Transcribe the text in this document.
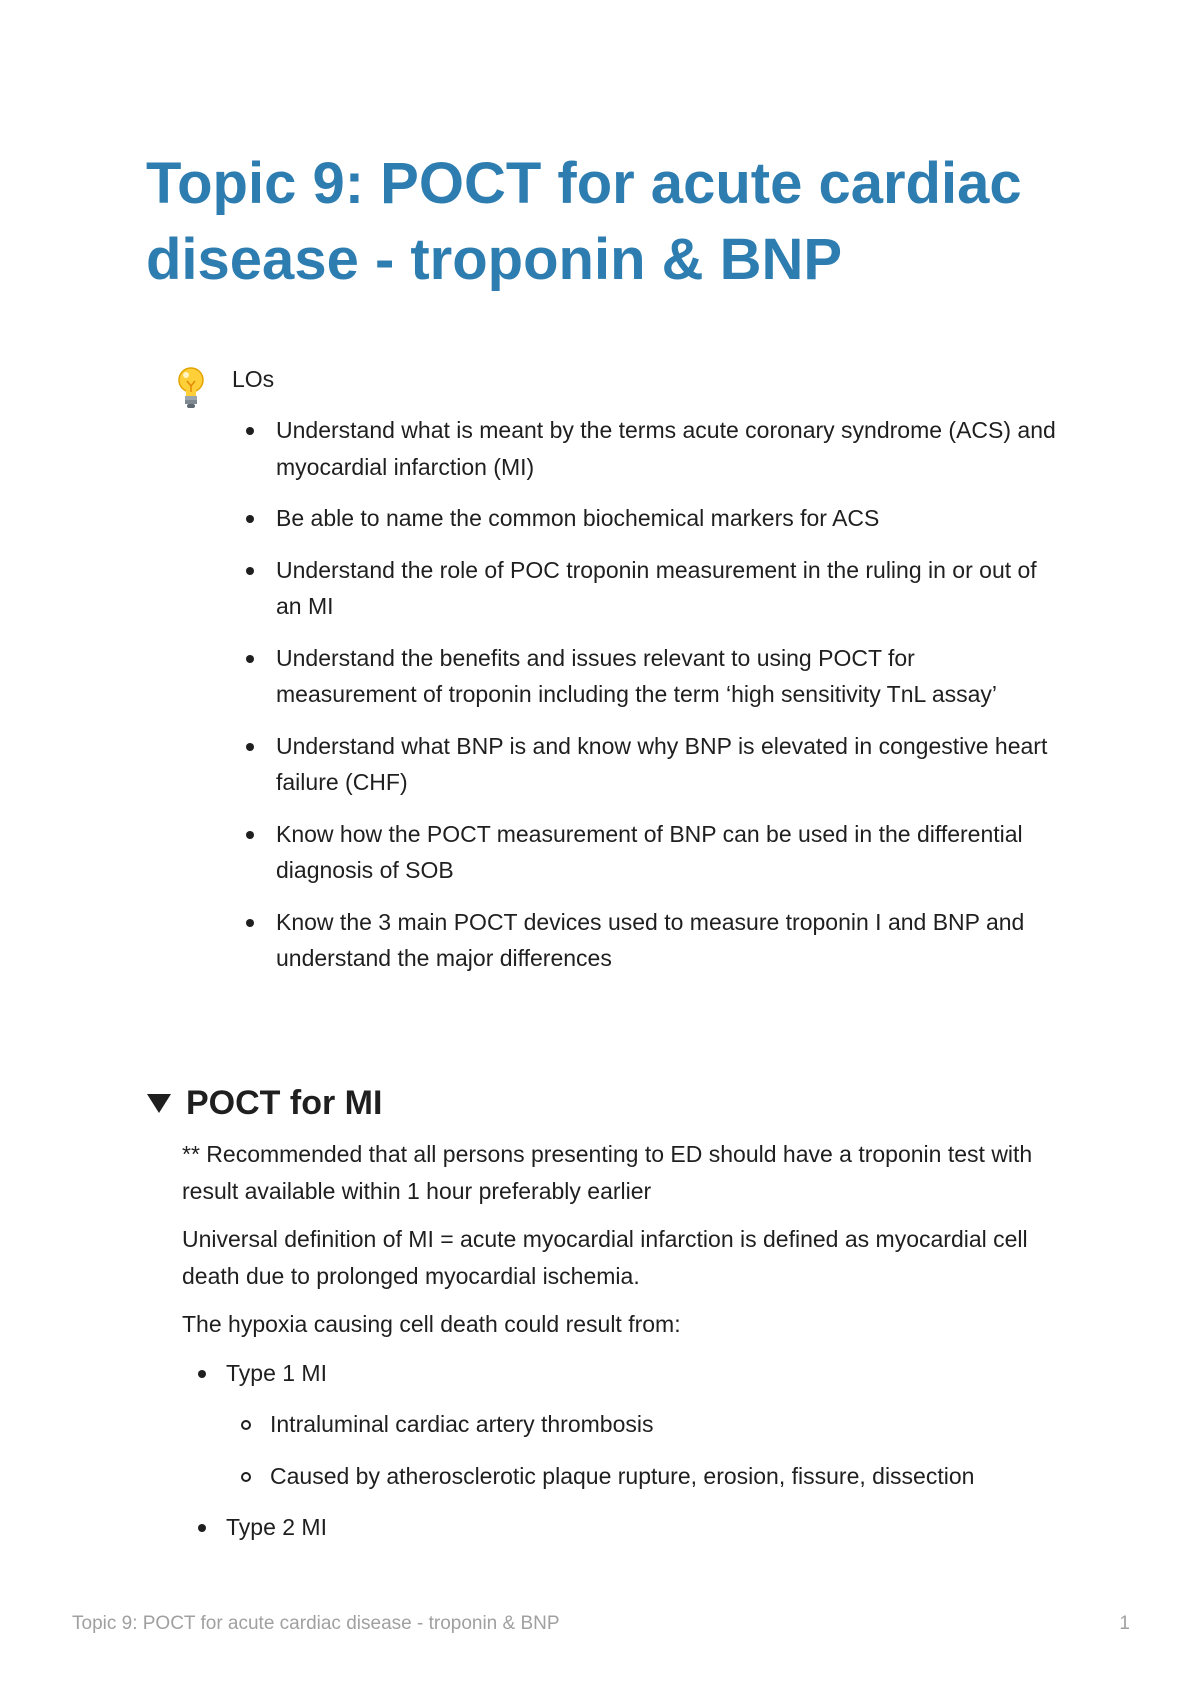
Topic 9: POCT for acute cardiac disease - troponin & BNP
LOs
Understand what is meant by the terms acute coronary syndrome (ACS) and myocardial infarction (MI)
Be able to name the common biochemical markers for ACS
Understand the role of POC troponin measurement in the ruling in or out of an MI
Understand the benefits and issues relevant to using POCT for measurement of troponin including the term ‘high sensitivity TnL assay’
Understand what BNP is and know why BNP is elevated in congestive heart failure (CHF)
Know how the POCT measurement of BNP can be used in the differential diagnosis of SOB
Know the 3 main POCT devices used to measure troponin I and BNP and understand the major differences
POCT for MI

** Recommended that all persons presenting to ED should have a troponin test with result available within 1 hour preferably earlier

Universal definition of MI = acute myocardial infarction is defined as myocardial cell death due to prolonged myocardial ischemia.

The hypoxia causing cell death could result from:

Type 1 MI
Intraluminal cardiac artery thrombosis
Caused by atherosclerotic plaque rupture, erosion, fissure, dissection
Type 2 MI
Topic 9: POCT for acute cardiac disease - troponin & BNP	1
